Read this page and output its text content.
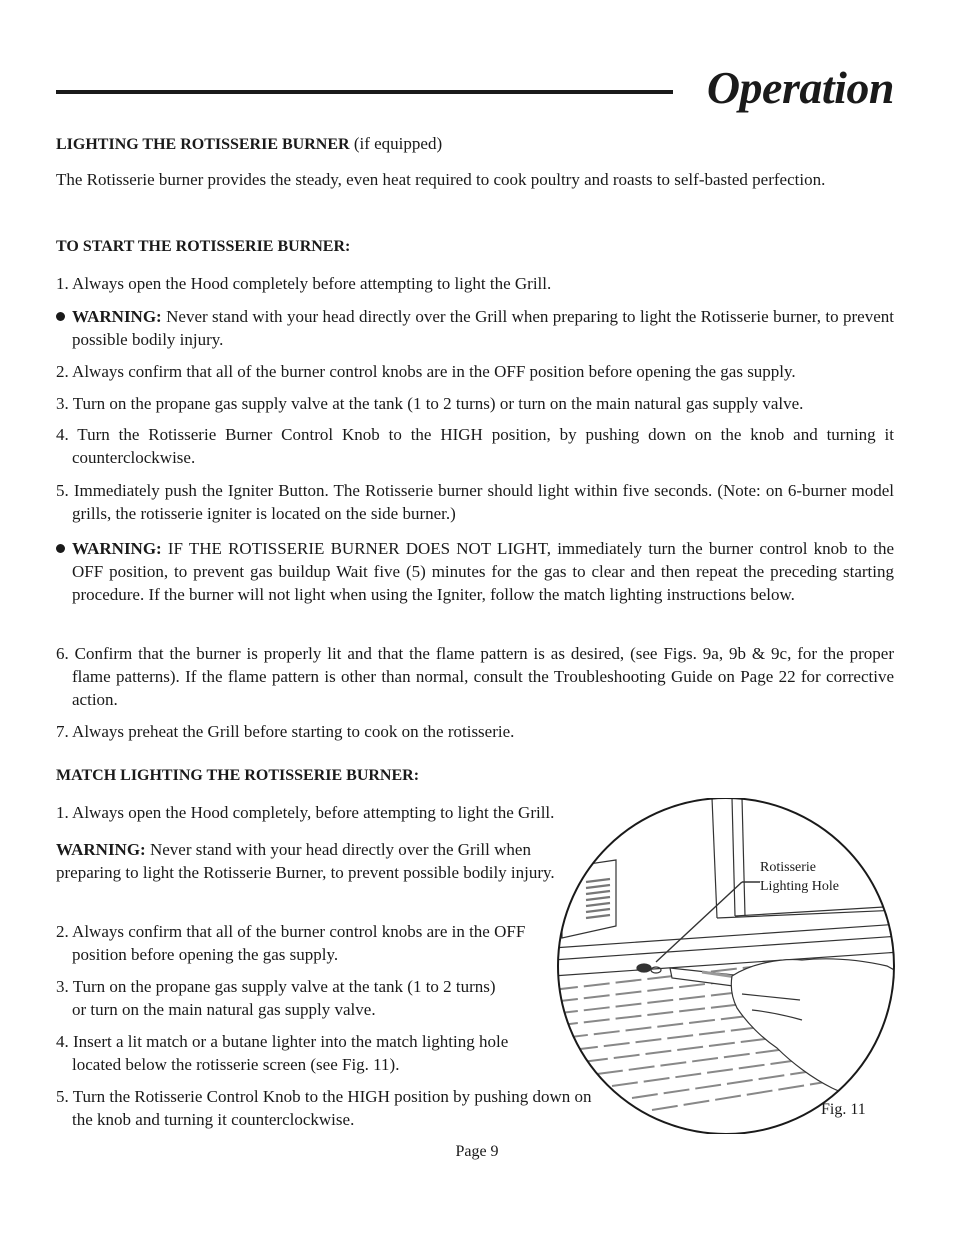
Operation
LIGHTING THE ROTISSERIE BURNER (if equipped)
The Rotisserie burner provides the steady, even heat required to cook poultry and roasts to self-basted perfection.
TO START THE ROTISSERIE BURNER:
1. Always open the Hood completely before attempting to light the Grill.
WARNING: Never stand with your head directly over the Grill when preparing to light the Rotisserie burner, to prevent possible bodily injury.
2. Always confirm that all of the burner control knobs are in the OFF position before opening the gas supply.
3. Turn on the propane gas supply valve at the tank (1 to 2 turns) or turn on the main natural gas supply valve.
4. Turn the Rotisserie Burner Control Knob to the HIGH position, by pushing down on the knob and turning it counterclockwise.
5. Immediately push the Igniter Button. The Rotisserie burner should light within five seconds. (Note: on 6-burner model grills, the rotisserie igniter is located on the side burner.)
WARNING: IF THE ROTISSERIE BURNER DOES NOT LIGHT, immediately turn the burner control knob to the OFF position, to prevent gas buildup Wait five (5) minutes for the gas to clear and then repeat the preceding starting procedure. If the burner will not light when using the Igniter, follow the match lighting instructions below.
6. Confirm that the burner is properly lit and that the flame pattern is as desired, (see Figs. 9a, 9b & 9c, for the proper flame patterns). If the flame pattern is other than normal, consult the Troubleshooting Guide on Page 22 for corrective action.
7. Always preheat the Grill before starting to cook on the rotisserie.
MATCH LIGHTING THE ROTISSERIE BURNER:
1. Always open the Hood completely, before attempting to light the Grill.
WARNING: Never stand with your head directly over the Grill when preparing to light the Rotisserie Burner, to prevent possible bodily injury.
2. Always confirm that all of the burner control knobs are in the OFF position before opening the gas supply.
3. Turn on the propane gas supply valve at the tank (1 to 2 turns) or turn on the main natural gas supply valve.
4. Insert a lit match or a butane lighter into the match lighting hole located below the rotisserie screen (see Fig. 11).
5. Turn the Rotisserie Control Knob to the HIGH position by pushing down on the knob and turning it counterclockwise.
Rotisserie
Lighting Hole
Fig. 11
Page 9
